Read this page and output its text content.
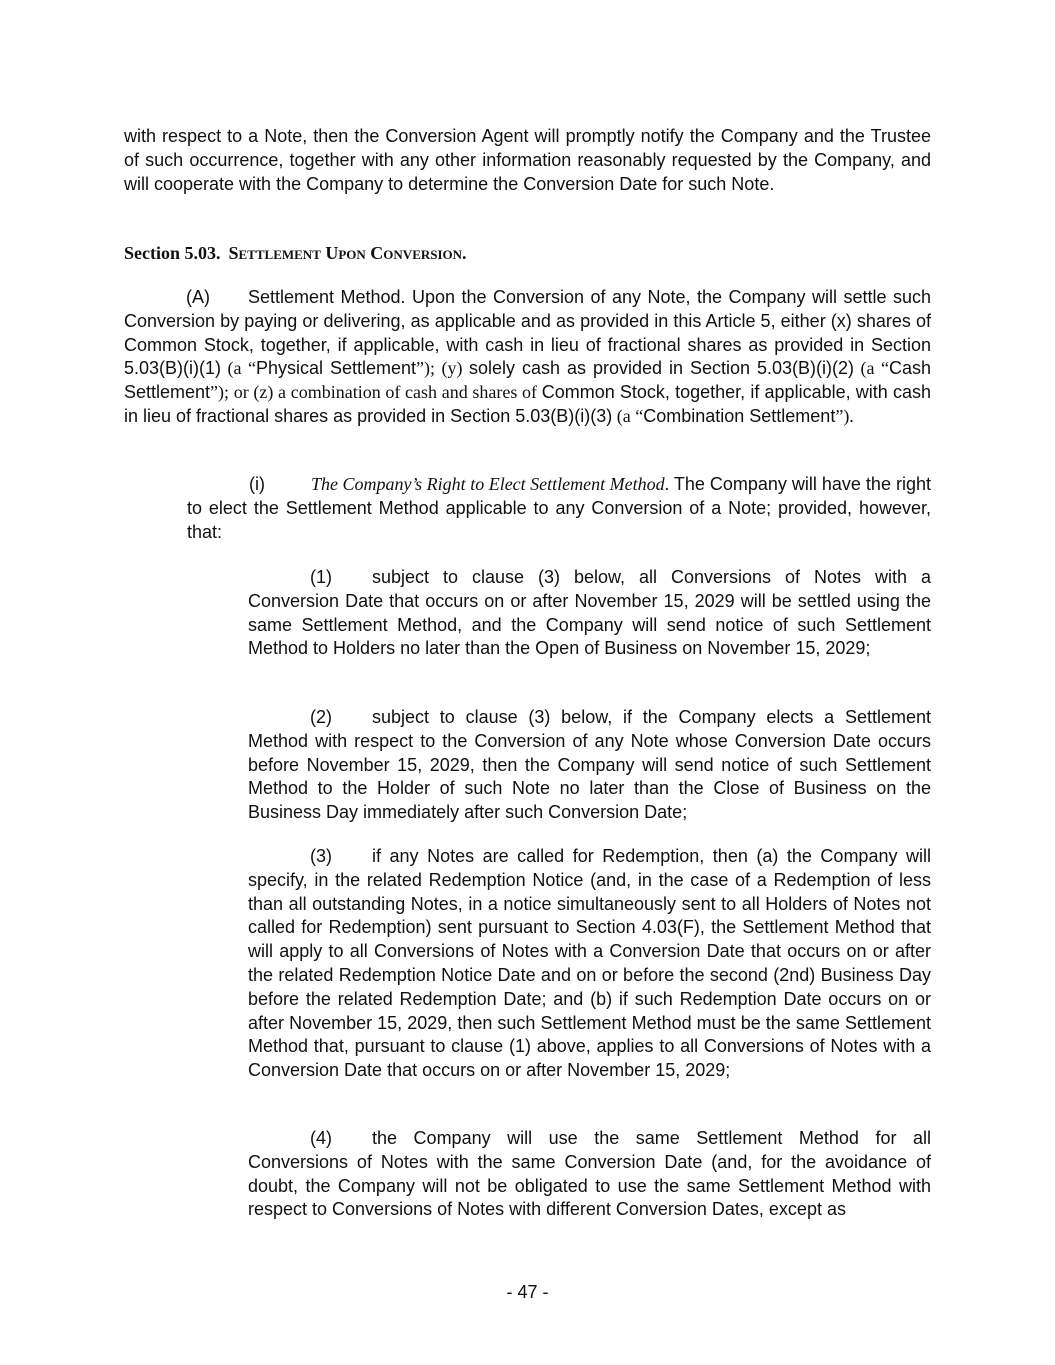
with respect to a Note, then the Conversion Agent will promptly notify the Company and the Trustee of such occurrence, together with any other information reasonably requested by the Company, and will cooperate with the Company to determine the Conversion Date for such Note.

Section 5.03. Settlement Upon Conversion.

(A) Settlement Method. Upon the Conversion of any Note, the Company will settle such Conversion by paying or delivering, as applicable and as provided in this Article 5, either (x) shares of Common Stock, together, if applicable, with cash in lieu of fractional shares as provided in Section 5.03(B)(i)(1) (a “Physical Settlement”); (y) solely cash as provided in Section 5.03(B)(i)(2) (a “Cash Settlement”); or (z) a combination of cash and shares of Common Stock, together, if applicable, with cash in lieu of fractional shares as provided in Section 5.03(B)(i)(3) (a “Combination Settlement”).

(i)	The Company’s Right to Elect Settlement Method. The Company will have the right to elect the Settlement Method applicable to any Conversion of a Note; provided, however, that:

(1) subject to clause (3) below, all Conversions of Notes with a Conversion Date that occurs on or after November 15, 2029 will be settled using the same Settlement Method, and the Company will send notice of such Settlement Method to Holders no later than the Open of Business on November 15, 2029;

(2) subject to clause (3) below, if the Company elects a Settlement Method with respect to the Conversion of any Note whose Conversion Date occurs before November 15, 2029, then the Company will send notice of such Settlement Method to the Holder of such Note no later than the Close of Business on the Business Day immediately after such Conversion Date;

(3) if any Notes are called for Redemption, then (a) the Company will specify, in the related Redemption Notice (and, in the case of a Redemption of less than all outstanding Notes, in a notice simultaneously sent to all Holders of Notes not called for Redemption) sent pursuant to Section 4.03(F), the Settlement Method that will apply to all Conversions of Notes with a Conversion Date that occurs on or after the related Redemption Notice Date and on or before the second (2nd) Business Day before the related Redemption Date; and (b) if such Redemption Date occurs on or after November 15, 2029, then such Settlement Method must be the same Settlement Method that, pursuant to clause (1) above, applies to all Conversions of Notes with a Conversion Date that occurs on or after November 15, 2029;

(4) the Company will use the same Settlement Method for all Conversions of Notes with the same Conversion Date (and, for the avoidance of doubt, the Company will not be obligated to use the same Settlement Method with respect to Conversions of Notes with different Conversion Dates, except as

- 47 -
